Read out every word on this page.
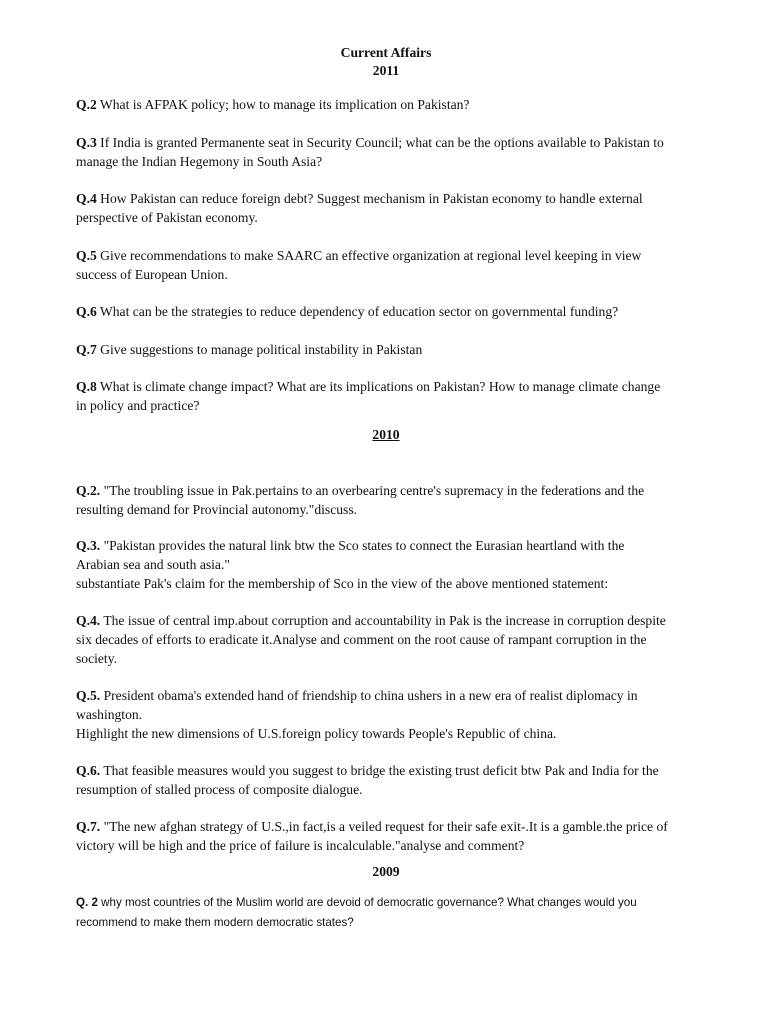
Current Affairs
2011
Q.2 What is AFPAK policy; how to manage its implication on Pakistan?
Q.3 If India is granted Permanente seat in Security Council; what can be the options available to Pakistan to
manage the Indian Hegemony in South Asia?
Q.4 How Pakistan can reduce foreign debt? Suggest mechanism in Pakistan economy to handle external
perspective of Pakistan economy.
Q.5 Give recommendations to make SAARC an effective organization at regional level keeping in view
success of European Union.
Q.6 What can be the strategies to reduce dependency of education sector on governmental funding?
Q.7 Give suggestions to manage political instability in Pakistan
Q.8 What is climate change impact? What are its implications on Pakistan? How to manage climate change
in policy and practice?
2010
Q.2. "The troubling issue in Pak.pertains to an overbearing centre's supremacy in the federations and the
resulting demand for Provincial autonomy."discuss.
Q.3. "Pakistan provides the natural link btw the Sco states to connect the Eurasian heartland with the
Arabian sea and south asia."
substantiate Pak's claim for the membership of Sco in the view of the above mentioned statement:
Q.4. The issue of central imp.about corruption and accountability in Pak is the increase in corruption despite
six decades of efforts to eradicate it.Analyse and comment on the root cause of rampant corruption in the
society.
Q.5. President obama's extended hand of friendship to china ushers in a new era of realist diplomacy in
washington.
Highlight the new dimensions of U.S.foreign policy towards People's Republic of china.
Q.6. That feasible measures would you suggest to bridge the existing trust deficit btw Pak and India for the
resumption of stalled process of composite dialogue.
Q.7. "The new afghan strategy of U.S.,in fact,is a veiled request for their safe exit-.It is a gamble.the price of
victory will be high and the price of failure is incalculable."analyse and comment?
2009
Q. 2 why most countries of the Muslim world are devoid of democratic governance? What changes would you
recommend to make them modern democratic states?
